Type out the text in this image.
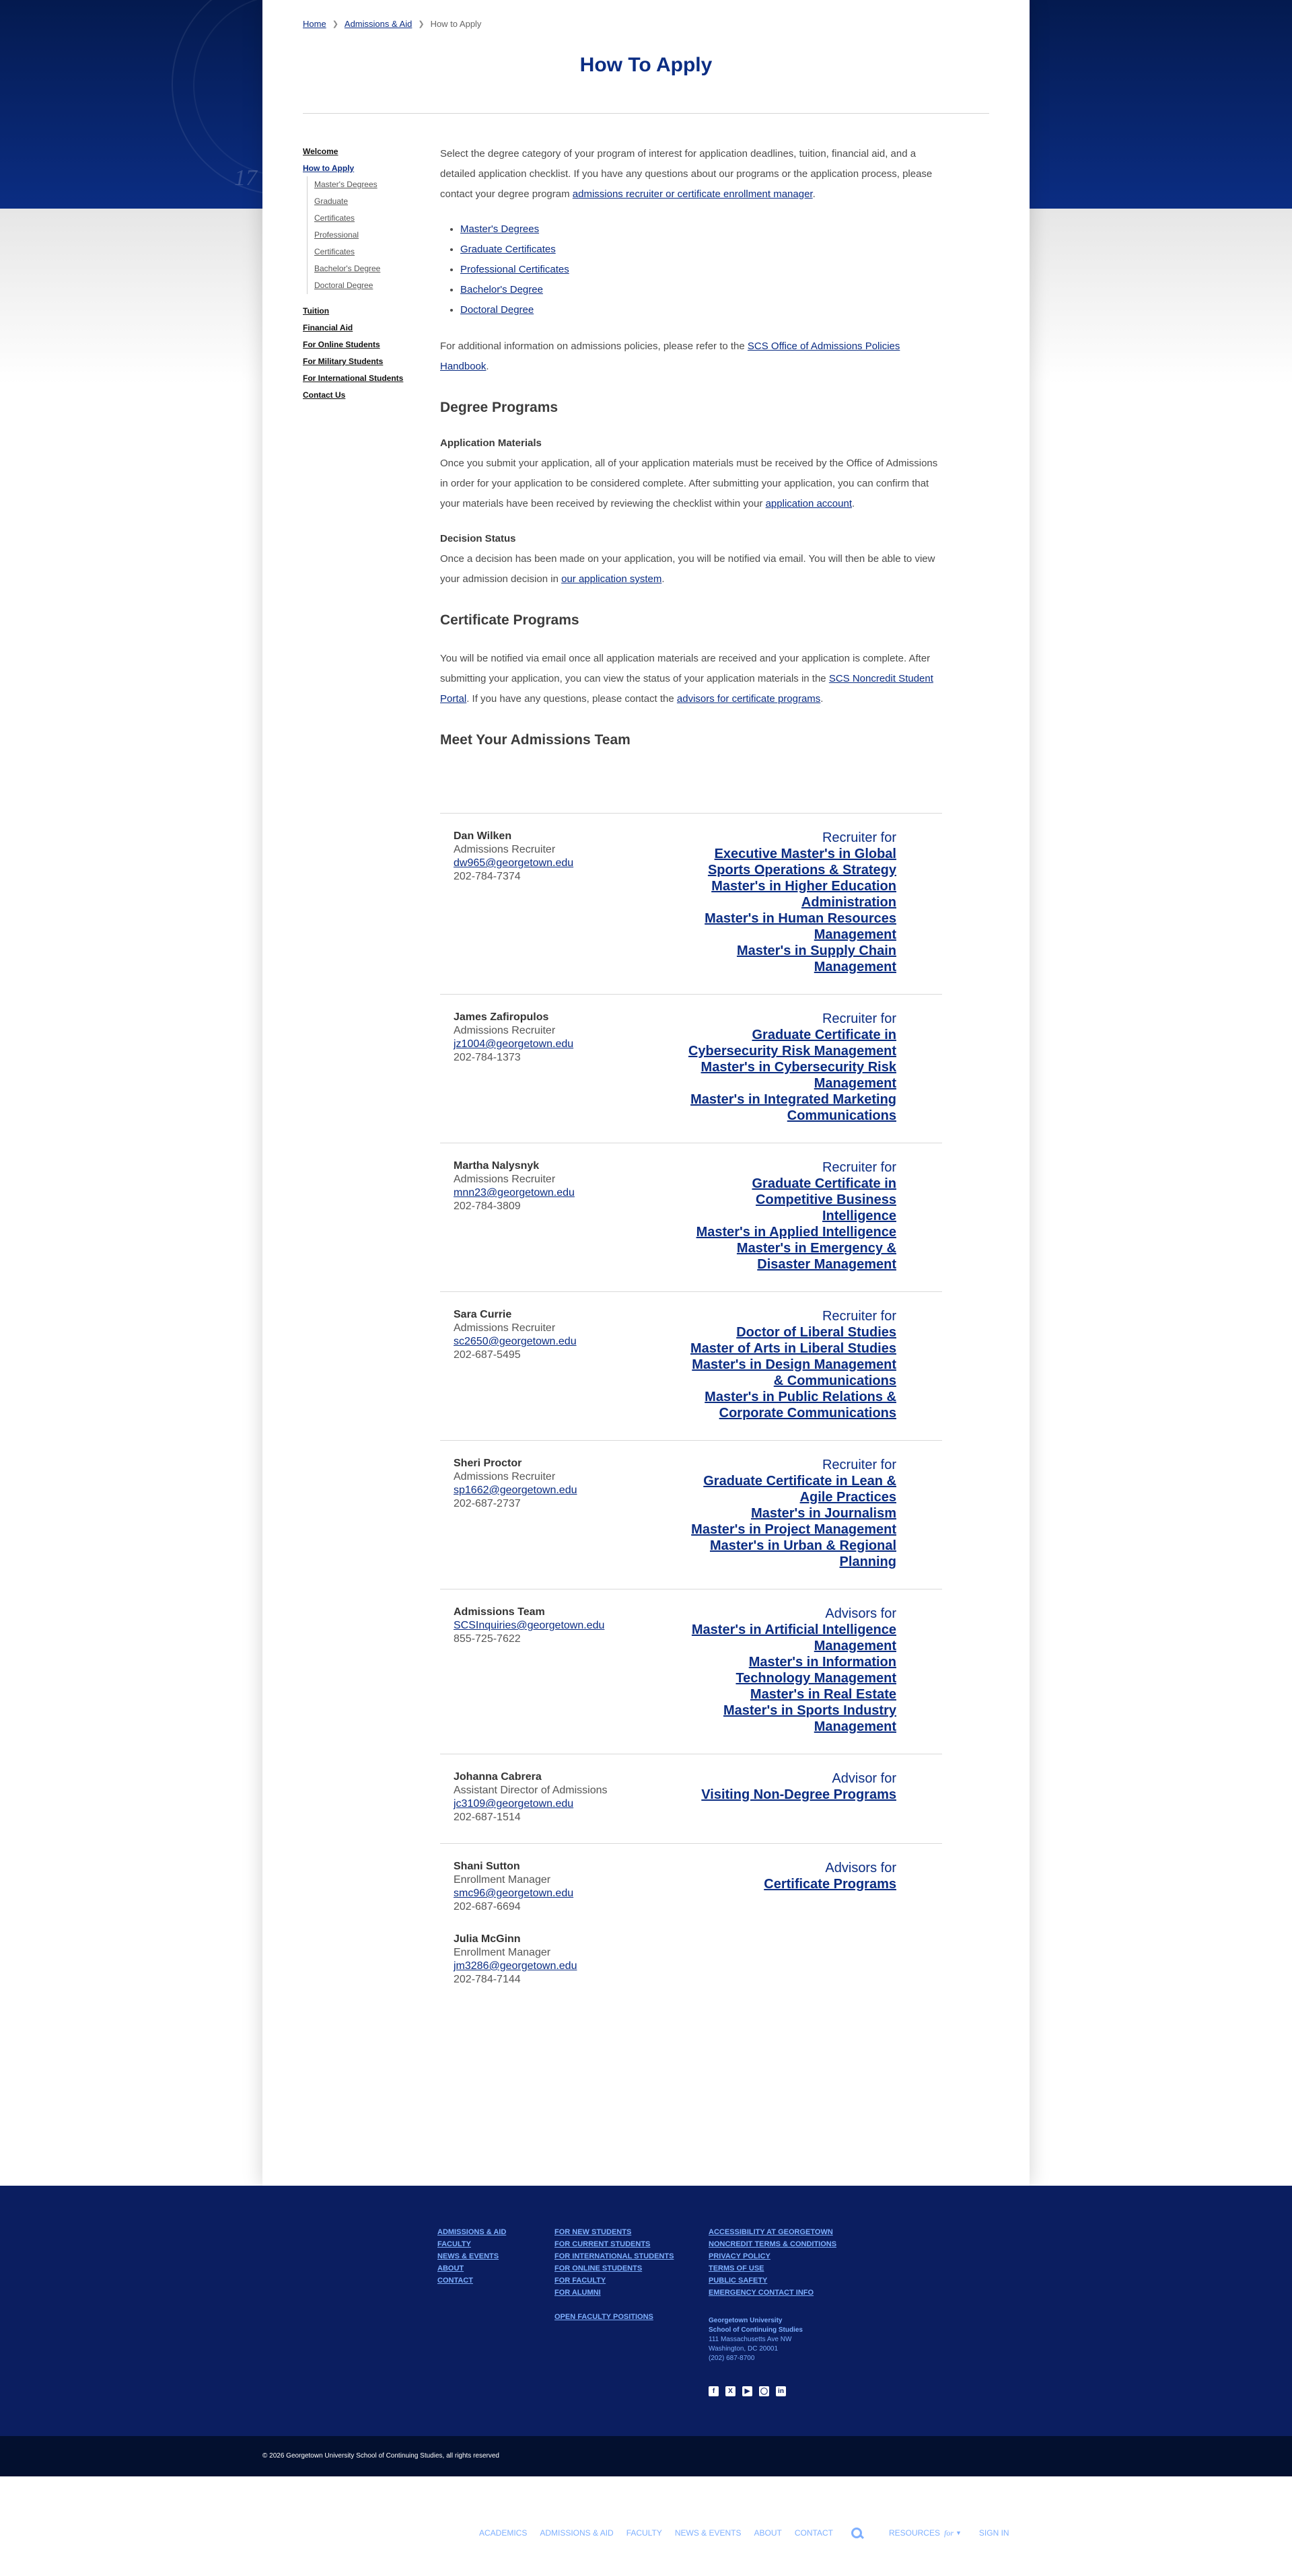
17
Home ❯ Admissions & Aid ❯ How to Apply
How To Apply
Welcome
How to Apply
Master's Degrees
Graduate
Certificates
Professional
Certificates
Bachelor's Degree
Doctoral Degree
Tuition
Financial Aid
For Online Students
For Military Students
For International Students
Contact Us

Select the degree category of your program of interest for application deadlines, tuition, financial aid, and a detailed application checklist. If you have any questions about our programs or the application process, please contact your degree program admissions recruiter or certificate enrollment manager.

• Master's Degrees
• Graduate Certificates
• Professional Certificates
• Bachelor's Degree
• Doctoral Degree

For additional information on admissions policies, please refer to the SCS Office of Admissions Policies Handbook.

Degree Programs
Application Materials

Once you submit your application, all of your application materials must be received by the Office of Admissions in order for your application to be considered complete. After submitting your application, you can confirm that your materials have been received by reviewing the checklist within your application account.

Decision Status

Once a decision has been made on your application, you will be notified via email. You will then be able to view your admission decision in our application system.

Certificate Programs

You will be notified via email once all application materials are received and your application is complete. After submitting your application, you can view the status of your application materials in the SCS Noncredit Student Portal. If you have any questions, please contact the advisors for certificate programs.

Meet Your Admissions Team
Dan Wilken
Admissions Recruiter
dw965@georgetown.edu
202-784-7374
Recruiter for
Executive Master's in Global Sports Operations & Strategy
Master's in Higher Education Administration
Master's in Human Resources Management
Master's in Supply Chain Management
James Zafiropulos
Admissions Recruiter
jz1004@georgetown.edu
202-784-1373
Recruiter for
Graduate Certificate in Cybersecurity Risk Management
Master's in Cybersecurity Risk Management
Master's in Integrated Marketing Communications
Martha Nalysnyk
Admissions Recruiter
mnn23@georgetown.edu
202-784-3809
Recruiter for
Graduate Certificate in Competitive Business Intelligence
Master's in Applied Intelligence
Master's in Emergency & Disaster Management
Sara Currie
Admissions Recruiter
sc2650@georgetown.edu
202-687-5495
Recruiter for
Doctor of Liberal Studies
Master of Arts in Liberal Studies
Master's in Design Management & Communications
Master's in Public Relations & Corporate Communications
Sheri Proctor
Admissions Recruiter
sp1662@georgetown.edu
202-687-2737
Recruiter for
Graduate Certificate in Lean & Agile Practices
Master's in Journalism
Master's in Project Management
Master's in Urban & Regional Planning
Admissions Team
SCSInquiries@georgetown.edu
855-725-7622
Advisors for
Master's in Artificial Intelligence Management
Master's in Information Technology Management
Master's in Real Estate
Master's in Sports Industry Management
Johanna Cabrera
Assistant Director of Admissions
jc3109@georgetown.edu
202-687-1514
Advisor for
Visiting Non-Degree Programs
Shani Sutton
Enrollment Manager
smc96@georgetown.edu
202-687-6694
Julia McGinn
Enrollment Manager
jm3286@georgetown.edu
202-784-7144
Advisors for
Certificate Programs
ADMISSIONS & AID
FACULTY
NEWS & EVENTS
ABOUT
CONTACT
FOR NEW STUDENTS
FOR CURRENT STUDENTS
FOR INTERNATIONAL STUDENTS
FOR ONLINE STUDENTS
FOR FACULTY
FOR ALUMNI
OPEN FACULTY POSITIONS
ACCESSIBILITY AT GEORGETOWN
NONCREDIT TERMS & CONDITIONS
PRIVACY POLICY
TERMS OF USE
PUBLIC SAFETY
EMERGENCY CONTACT INFO
Georgetown University
School of Continuing Studies
111 Massachusetts Ave NW
Washington, DC 20001
(202) 687-8700
f	X	▶	◯	in
© 2026 Georgetown University School of Continuing Studies, all rights reserved
ACADEMICS ADMISSIONS & AID FACULTY NEWS & EVENTS ABOUT CONTACT	RESOURCES for ▼ SIGN IN
